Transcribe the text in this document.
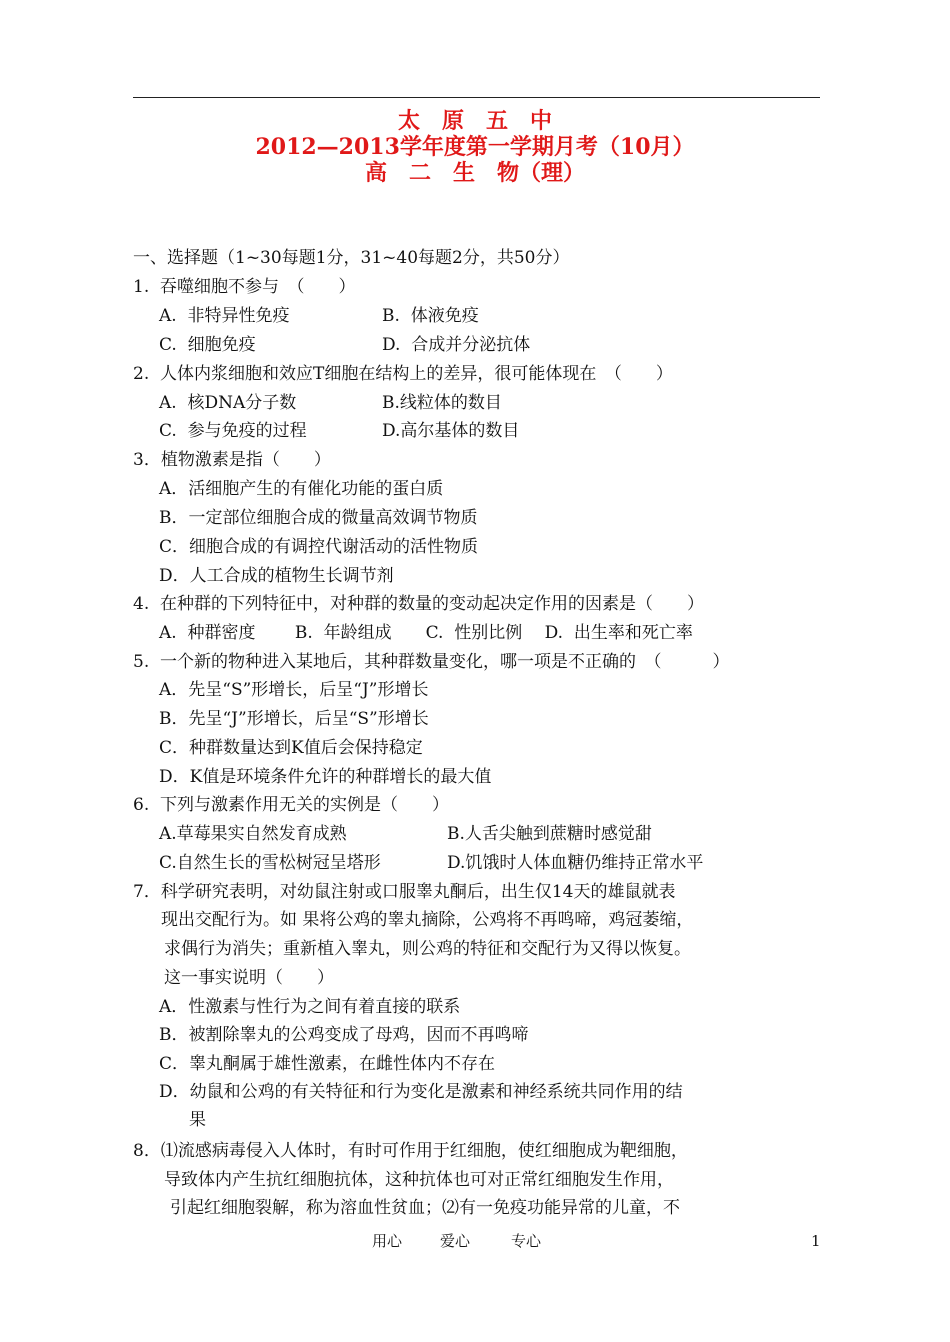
太　原　五　中
2012—2013学年度第一学期月考（10月）
高　二　生　物（理）
一、选择题（1~30每题1分，31~40每题2分，共50分）
1.  吞噬细胞不参与　（　　）
A.  非特异性免疫	B.  体液免疫
C.  细胞免疫	D.  合成并分泌抗体
2.  人体内浆细胞和效应T细胞在结构上的差异，很可能体现在　（　　）
A.  核DNA分子数	B.线粒体的数目
C.  参与免疫的过程	D.高尔基体的数目
3．植物激素是指（　　）
A．活细胞产生的有催化功能的蛋白质
B．一定部位细胞合成的微量高效调节物质
C．细胞合成的有调控代谢活动的活性物质
D．人工合成的植物生长调节剂
4.  在种群的下列特征中，对种群的数量的变动起决定作用的因素是（　　）
A.  种群密度　　 B.  年龄组成　　C.  性别比例　 D.  出生率和死亡率
5.  一个新的物种进入某地后，其种群数量变化，哪一项是不正确的　（　　　）
A．先呈“S”形增长，后呈“J”形增长
B．先呈“J”形增长，后呈“S”形增长
C．种群数量达到K值后会保持稳定
D．K值是环境条件允许的种群增长的最大值
6.  下列与激素作用无关的实例是（　　）
A.草莓果实自然发育成熟	B.人舌尖触到蔗糖时感觉甜
C.自然生长的雪松树冠呈塔形	D.饥饿时人体血糖仍维持正常水平
7．科学研究表明，对幼鼠注射或口服睾丸酮后，出生仅14天的雄鼠就表
现出交配行为。如 果将公鸡的睾丸摘除，公鸡将不再鸣啼，鸡冠萎缩，
求偶行为消失；重新植入睾丸，则公鸡的特征和交配行为又得以恢复。
这一事实说明（　　）
A．性激素与性行为之间有着直接的联系
B．被割除睾丸的公鸡变成了母鸡，因而不再鸣啼
C．睾丸酮属于雄性激素，在雌性体内不存在
D．幼鼠和公鸡的有关特征和行为变化是激素和神经系统共同作用的结
果
8．⑴流感病毒侵入人体时，有时可作用于红细胞，使红细胞成为靶细胞，
导致体内产生抗红细胞抗体，这种抗体也可对正常红细胞发生作用，
引起红细胞裂解，称为溶血性贫血；⑵有一免疫功能异常的儿童，不
用心	爱心	专心	1
